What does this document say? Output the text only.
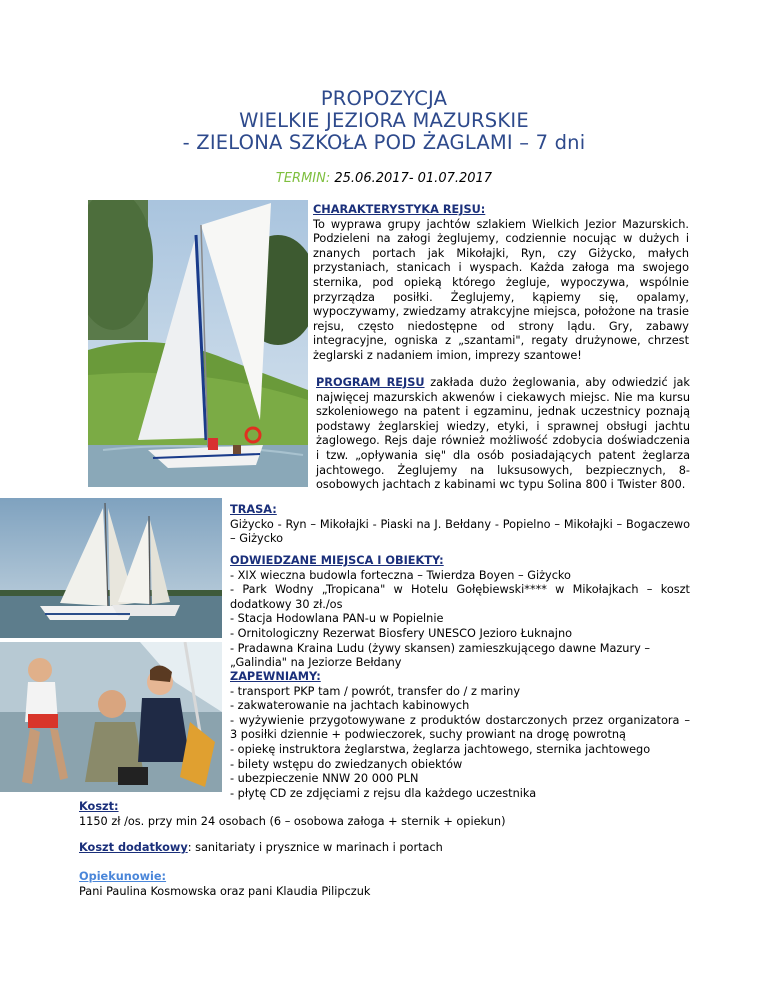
PROPOZYCJA
WIELKIE JEZIORA MAZURSKIE
- ZIELONA SZKOŁA POD ŻAGLAMI – 7 dni
TERMIN: 25.06.2017- 01.07.2017
CHARAKTERYSTYKA REJSU:
To wyprawa grupy jachtów szlakiem Wielkich Jezior Mazurskich. Podzieleni na załogi żeglujemy, codziennie nocując w dużych i znanych portach jak Mikołajki, Ryn, czy Giżycko, małych przystaniach, stanicach i wyspach. Każda załoga ma swojego sternika, pod opieką którego żegluje, wypoczywa, wspólnie przyrządza posiłki. Żeglujemy, kąpiemy się, opalamy, wypoczywamy, zwiedzamy atrakcyjne miejsca, położone na trasie rejsu, często niedostępne od strony lądu. Gry, zabawy integracyjne, ogniska z „szantami", regaty drużynowe, chrzest żeglarski z nadaniem imion, imprezy szantowe!
PROGRAM REJSU zakłada dużo żeglowania, aby odwiedzić jak najwięcej mazurskich akwenów i ciekawych miejsc. Nie ma kursu szkoleniowego na patent i egzaminu, jednak uczestnicy poznają podstawy żeglarskiej wiedzy, etyki, i sprawnej obsługi jachtu żaglowego. Rejs daje również możliwość zdobycia doświadczenia i tzw. „opływania się" dla osób posiadających patent żeglarza jachtowego. Żeglujemy na luksusowych, bezpiecznych, 8-osobowych jachtach z kabinami wc typu Solina 800 i Twister 800.
TRASA:
Giżycko - Ryn – Mikołajki - Piaski na J. Bełdany - Popielno – Mikołajki – Bogaczewo – Giżycko
ODWIEDZANE MIEJSCA I OBIEKTY:
- XIX wieczna budowla forteczna – Twierdza Boyen – Giżycko
- Park Wodny „Tropicana" w Hotelu Gołębiewski**** w Mikołajkach – koszt dodatkowy 30 zł./os
- Stacja Hodowlana PAN-u w Popielnie
- Ornitologiczny Rezerwat Biosfery UNESCO Jezioro Łuknajno
- Pradawna Kraina Ludu (żywy skansen) zamieszkującego dawne Mazury – „Galindia" na Jeziorze Bełdany
ZAPEWNIAMY:
- transport PKP tam / powrót, transfer do / z mariny
- zakwaterowanie na jachtach kabinowych
- wyżywienie przygotowywane z produktów dostarczonych przez organizatora – 3 posiłki dziennie + podwieczorek, suchy prowiant na drogę powrotną
- opiekę instruktora żeglarstwa, żeglarza jachtowego, sternika jachtowego
- bilety wstępu do zwiedzanych obiektów
- ubezpieczenie NNW 20 000 PLN
- płytę CD ze zdjęciami z rejsu dla każdego uczestnika
Koszt:
1150 zł /os. przy min 24 osobach (6 – osobowa załoga + sternik + opiekun)
Koszt dodatkowy: sanitariaty i prysznice w marinach i portach
Opiekunowie:
Pani Paulina Kosmowska oraz pani Klaudia Pilipczuk
